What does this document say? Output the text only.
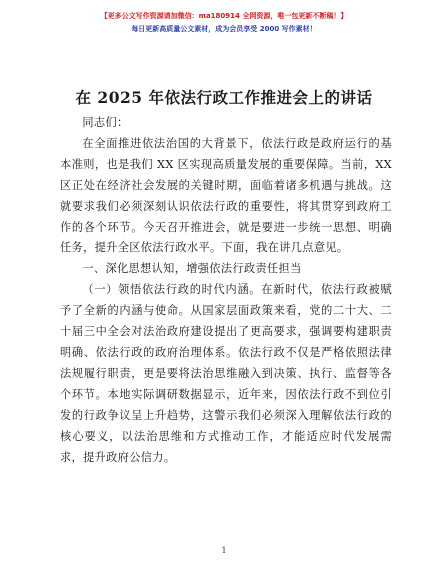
【更多公文写作资源请加微信：ma180914 全网资源，唯一包更新不断稿！】
每日更新高质量公文素材，成为会员享受 2000 写作素材！
在 2025 年依法行政工作推进会上的讲话

同志们：

在全面推进依法治国的大背景下，依法行政是政府运行的基本准则，也是我们 XX 区实现高质量发展的重要保障。当前，XX 区正处在经济社会发展的关键时期，面临着诸多机遇与挑战。这就要求我们必须深刻认识依法行政的重要性，将其贯穿到政府工作的各个环节。今天召开推进会，就是要进一步统一思想、明确任务，提升全区依法行政水平。下面，我在讲几点意见。

一、深化思想认知，增强依法行政责任担当

（一）领悟依法行政的时代内涵。在新时代，依法行政被赋予了全新的内涵与使命。从国家层面政策来看，党的二十大、二十届三中全会对法治政府建设提出了更高要求，强调要构建职责明确、依法行政的政府治理体系。依法行政不仅是严格依照法律法规履行职责，更是要将法治思维融入到决策、执行、监督等各个环节。本地实际调研数据显示，近年来，因依法行政不到位引发的行政争议呈上升趋势，这警示我们必须深入理解依法行政的核心要义，以法治思维和方式推动工作，才能适应时代发展需求，提升政府公信力。

1
